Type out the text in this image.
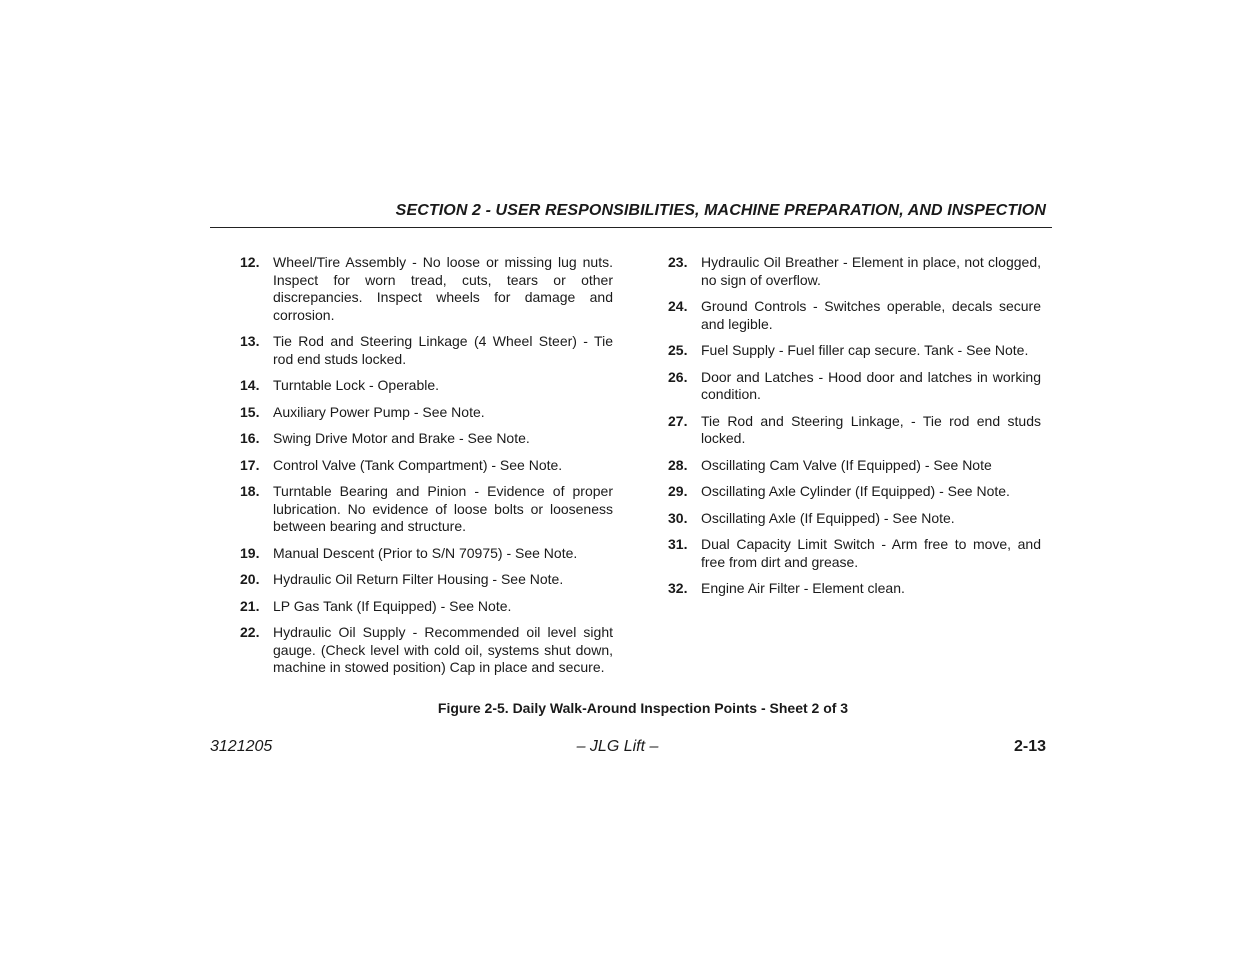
SECTION 2 - USER RESPONSIBILITIES, MACHINE PREPARATION, AND INSPECTION
12. Wheel/Tire Assembly - No loose or missing lug nuts. Inspect for worn tread, cuts, tears or other discrepancies. Inspect wheels for damage and corrosion.
13. Tie Rod and Steering Linkage (4 Wheel Steer) - Tie rod end studs locked.
14. Turntable Lock - Operable.
15. Auxiliary Power Pump - See Note.
16. Swing Drive Motor and Brake - See Note.
17. Control Valve (Tank Compartment) - See Note.
18. Turntable Bearing and Pinion - Evidence of proper lubrication. No evidence of loose bolts or looseness between bearing and structure.
19. Manual Descent (Prior to S/N 70975) - See Note.
20. Hydraulic Oil Return Filter Housing - See Note.
21. LP Gas Tank (If Equipped) - See Note.
22. Hydraulic Oil Supply - Recommended oil level sight gauge. (Check level with cold oil, systems shut down, machine in stowed position) Cap in place and secure.
23. Hydraulic Oil Breather - Element in place, not clogged, no sign of overflow.
24. Ground Controls - Switches operable, decals secure and legible.
25. Fuel Supply - Fuel filler cap secure. Tank - See Note.
26. Door and Latches - Hood door and latches in working condition.
27. Tie Rod and Steering Linkage, - Tie rod end studs locked.
28. Oscillating Cam Valve (If Equipped) - See Note
29. Oscillating Axle Cylinder (If Equipped) - See Note.
30. Oscillating Axle (If Equipped) - See Note.
31. Dual Capacity Limit Switch - Arm free to move, and free from dirt and grease.
32. Engine Air Filter - Element clean.
Figure 2-5. Daily Walk-Around Inspection Points - Sheet 2 of 3
3121205	– JLG Lift –	2-13
